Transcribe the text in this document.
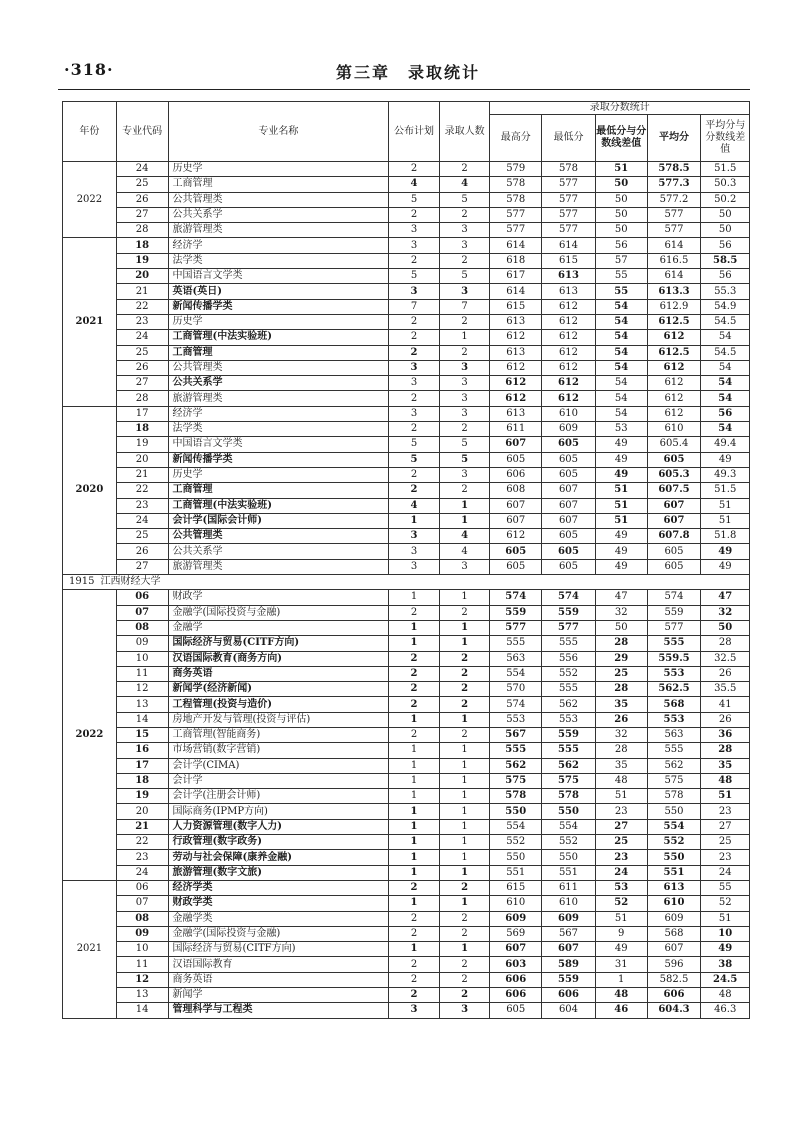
·318·	第三章　录取统计
年份	专业代码	专业名称	公布计划	录取人数	录取分数统计				
					最高分	最低分	最低分与分数线差值	平均分	平均分与分数线差值
2022	24	历史学	2	2	579	578	51	578.5	51.5
	25	工商管理	4	4	578	577	50	577.3	50.3
	26	公共管理类	5	5	578	577	50	577.2	50.2
	27	公共关系学	2	2	577	577	50	577	50
	28	旅游管理类	3	3	577	577	50	577	50
2021	18	经济学	3	3	614	614	56	614	56
	19	法学类	2	2	618	615	57	616.5	58.5
	20	中国语言文学类	5	5	617	613	55	614	56
	21	英语(英日)	3	3	614	613	55	613.3	55.3
	22	新闻传播学类	7	7	615	612	54	612.9	54.9
	23	历史学	2	2	613	612	54	612.5	54.5
	24	工商管理(中法实验班)	2	1	612	612	54	612	54
	25	工商管理	2	2	613	612	54	612.5	54.5
	26	公共管理类	3	3	612	612	54	612	54
	27	公共关系学	3	3	612	612	54	612	54
	28	旅游管理类	2	3	612	612	54	612	54
2020	17	经济学	3	3	613	610	54	612	56
	18	法学类	2	2	611	609	53	610	54
	19	中国语言文学类	5	5	607	605	49	605.4	49.4
	20	新闻传播学类	5	5	605	605	49	605	49
	21	历史学	2	3	606	605	49	605.3	49.3
	22	工商管理	2	2	608	607	51	607.5	51.5
	23	工商管理(中法实验班)	4	1	607	607	51	607	51
	24	会计学(国际会计师)	1	1	607	607	51	607	51
	25	公共管理类	3	4	612	605	49	607.8	51.8
	26	公共关系学	3	4	605	605	49	605	49
	27	旅游管理类	3	3	605	605	49	605	49
1915 江西财经大学									
2022	06	财政学	1	1	574	574	47	574	47
	07	金融学(国际投资与金融)	2	2	559	559	32	559	32
	08	金融学	1	1	577	577	50	577	50
	09	国际经济与贸易(CITF方向)	1	1	555	555	28	555	28
	10	汉语国际教育(商务方向)	2	2	563	556	29	559.5	32.5
	11	商务英语	2	2	554	552	25	553	26
	12	新闻学(经济新闻)	2	2	570	555	28	562.5	35.5
	13	工程管理(投资与造价)	2	2	574	562	35	568	41
	14	房地产开发与管理(投资与评估)	1	1	553	553	26	553	26
	15	工商管理(智能商务)	2	2	567	559	32	563	36
	16	市场营销(数字营销)	1	1	555	555	28	555	28
	17	会计学(CIMA)	1	1	562	562	35	562	35
	18	会计学	1	1	575	575	48	575	48
	19	会计学(注册会计师)	1	1	578	578	51	578	51
	20	国际商务(IPMP方向)	1	1	550	550	23	550	23
	21	人力资源管理(数字人力)	1	1	554	554	27	554	27
	22	行政管理(数字政务)	1	1	552	552	25	552	25
	23	劳动与社会保障(康养金融)	1	1	550	550	23	550	23
	24	旅游管理(数字文旅)	1	1	551	551	24	551	24
2021	06	经济学类	2	2	615	611	53	613	55
	07	财政学类	1	1	610	610	52	610	52
	08	金融学类	2	2	609	609	51	609	51
	09	金融学(国际投资与金融)	2	2	569	567	9	568	10
	10	国际经济与贸易(CITF方向)	1	1	607	607	49	607	49
	11	汉语国际教育	2	2	603	589	31	596	38
	12	商务英语	2	2	606	559	1	582.5	24.5
	13	新闻学	2	2	606	606	48	606	48
	14	管理科学与工程类	3	3	605	604	46	604.3	46.3
